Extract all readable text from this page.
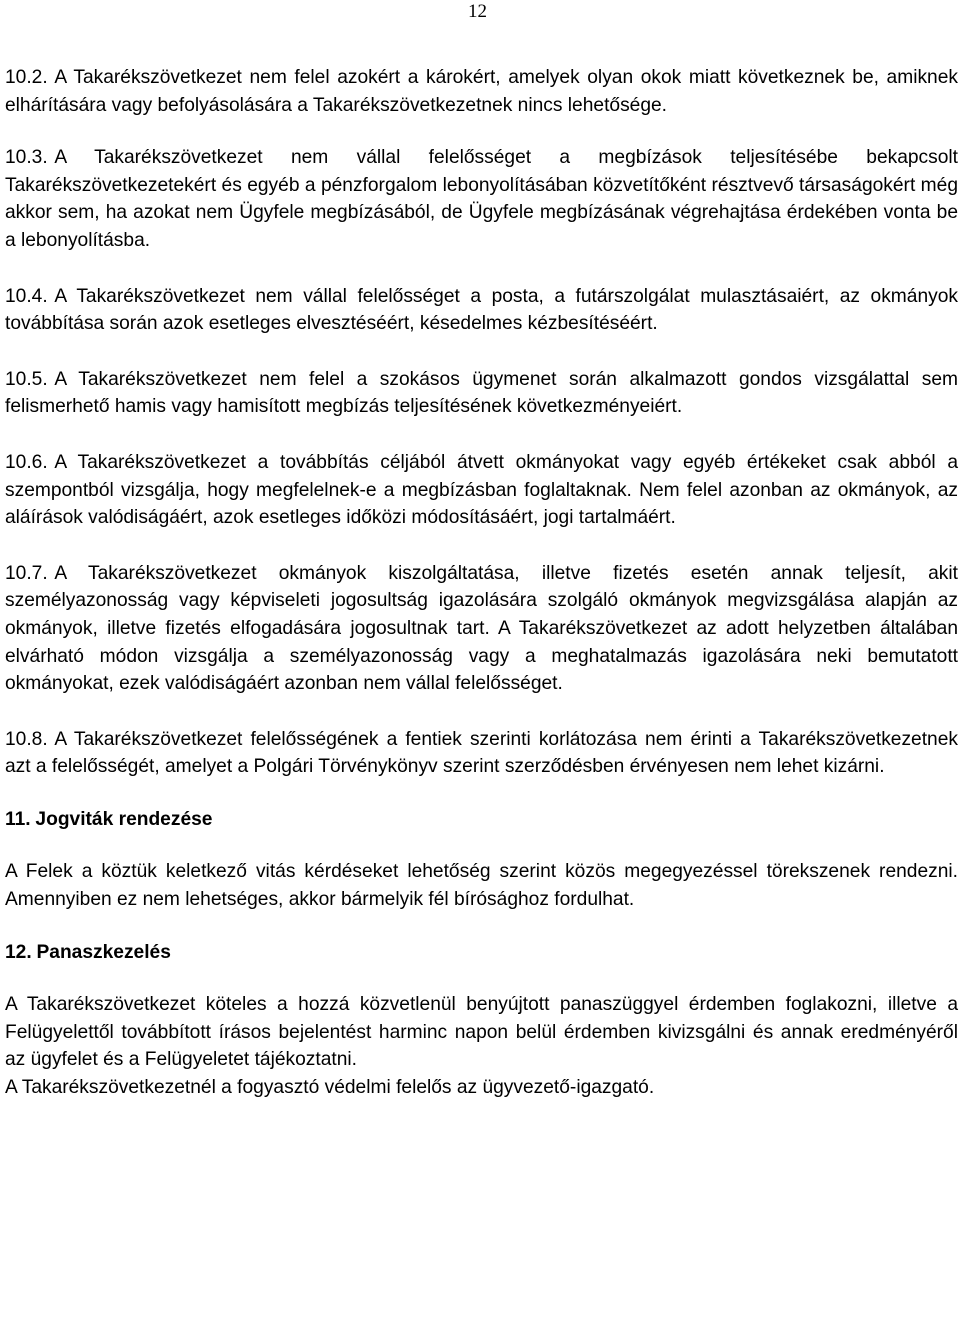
12

10.2. A Takarékszövetkezet nem felel azokért a károkért, amelyek olyan okok miatt következnek be, amiknek elhárítására vagy befolyásolására a Takarékszövetkezetnek nincs lehetősége.

10.3. A Takarékszövetkezet nem vállal felelősséget a megbízások teljesítésébe bekapcsolt Takarékszövetkezetekért és egyéb a pénzforgalom lebonyolításában közvetítőként résztvevő társaságokért még akkor sem, ha azokat nem Ügyfele megbízásából, de Ügyfele megbízásának végrehajtása érdekében vonta be a lebonyolításba.

10.4. A Takarékszövetkezet nem vállal felelősséget a posta, a futárszolgálat mulasztásaiért, az okmányok továbbítása során azok esetleges elvesztéséért, késedelmes kézbesítéséért.

10.5. A Takarékszövetkezet nem felel a szokásos ügymenet során alkalmazott gondos vizsgálattal sem felismerhető hamis vagy hamisított megbízás teljesítésének következményeiért.

10.6. A Takarékszövetkezet a továbbítás céljából átvett okmányokat vagy egyéb értékeket csak abból a szempontból vizsgálja, hogy megfelelnek-e a megbízásban foglaltaknak. Nem felel azonban az okmányok, az aláírások valódiságáért, azok esetleges időközi módosításáért, jogi tartalmáért.

10.7. A Takarékszövetkezet okmányok kiszolgáltatása, illetve fizetés esetén annak teljesít, akit személyazonosság vagy képviseleti jogosultság igazolására szolgáló okmányok megvizsgálása alapján az okmányok, illetve fizetés elfogadására jogosultnak tart. A Takarékszövetkezet az adott helyzetben általában elvárható módon vizsgálja a személyazonosság vagy a meghatalmazás igazolására neki bemutatott okmányokat, ezek valódiságáért azonban nem vállal felelősséget.

10.8. A Takarékszövetkezet felelősségének a fentiek szerinti korlátozása nem érinti a Takarékszövetkezetnek azt a felelősségét, amelyet a Polgári Törvénykönyv szerint szerződésben érvényesen nem lehet kizárni.

11. Jogviták rendezése

A Felek a köztük keletkező vitás kérdéseket lehetőség szerint közös megegyezéssel törekszenek rendezni. Amennyiben ez nem lehetséges, akkor bármelyik fél bírósághoz fordulhat.

12. Panaszkezelés

A Takarékszövetkezet köteles a hozzá közvetlenül benyújtott panaszüggyel érdemben foglakozni, illetve a Felügyelettől továbbított írásos bejelentést harminc napon belül érdemben kivizsgálni és annak eredményéről az ügyfelet és a Felügyeletet tájékoztatni.

A Takarékszövetkezetnél a fogyasztó védelmi felelős az ügyvezető-igazgató.
